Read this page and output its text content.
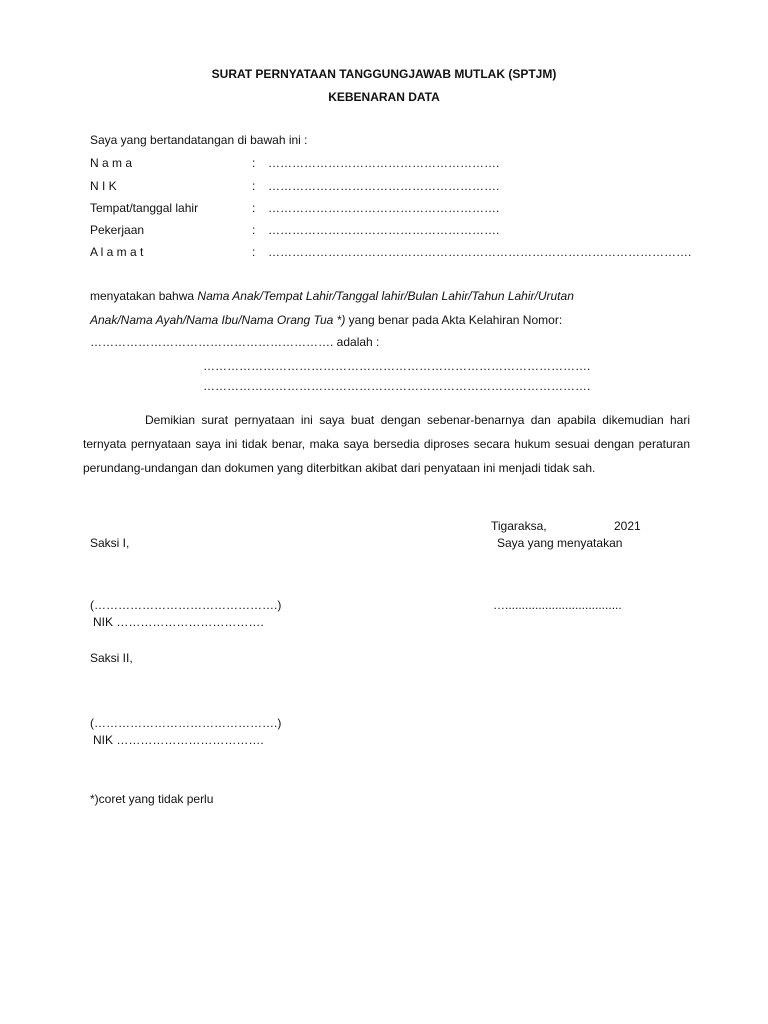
SURAT PERNYATAAN TANGGUNGJAWAB MUTLAK (SPTJM)
KEBENARAN DATA
Saya yang bertandatangan di bawah ini :
N a m a	: ………………………………………………….
N I K	: ………………………………………………….
Tempat/tanggal lahir	: ………………………………………………….
Pekerjaan	: ………………………………………………….
A l a m a t	: …………………………………………………………………………………………….
menyatakan bahwa Nama Anak/Tempat Lahir/Tanggal lahir/Bulan Lahir/Tahun Lahir/Urutan
Anak/Nama Ayah/Nama Ibu/Nama Orang Tua *) yang benar pada Akta Kelahiran Nomor:
……………………………………………………. adalah :
…………………………………………………………………………………….
…………………………………………………………………………………….
Demikian surat pernyataan ini saya buat dengan sebenar-benarnya dan apabila dikemudian hari ternyata pernyataan saya ini tidak benar, maka saya bersedia diproses secara hukum sesuai dengan peraturan perundang-undangan dan dokumen yang diterbitkan akibat dari penyataan ini menjadi tidak sah.
Tigaraksa,	2021
Saksi I,	Saya yang menyatakan
(……………………………………….)	…...................................
NIK ……………………………….
Saksi II,
(……………………………………….)
NIK ……………………………….
*)coret yang tidak perlu
